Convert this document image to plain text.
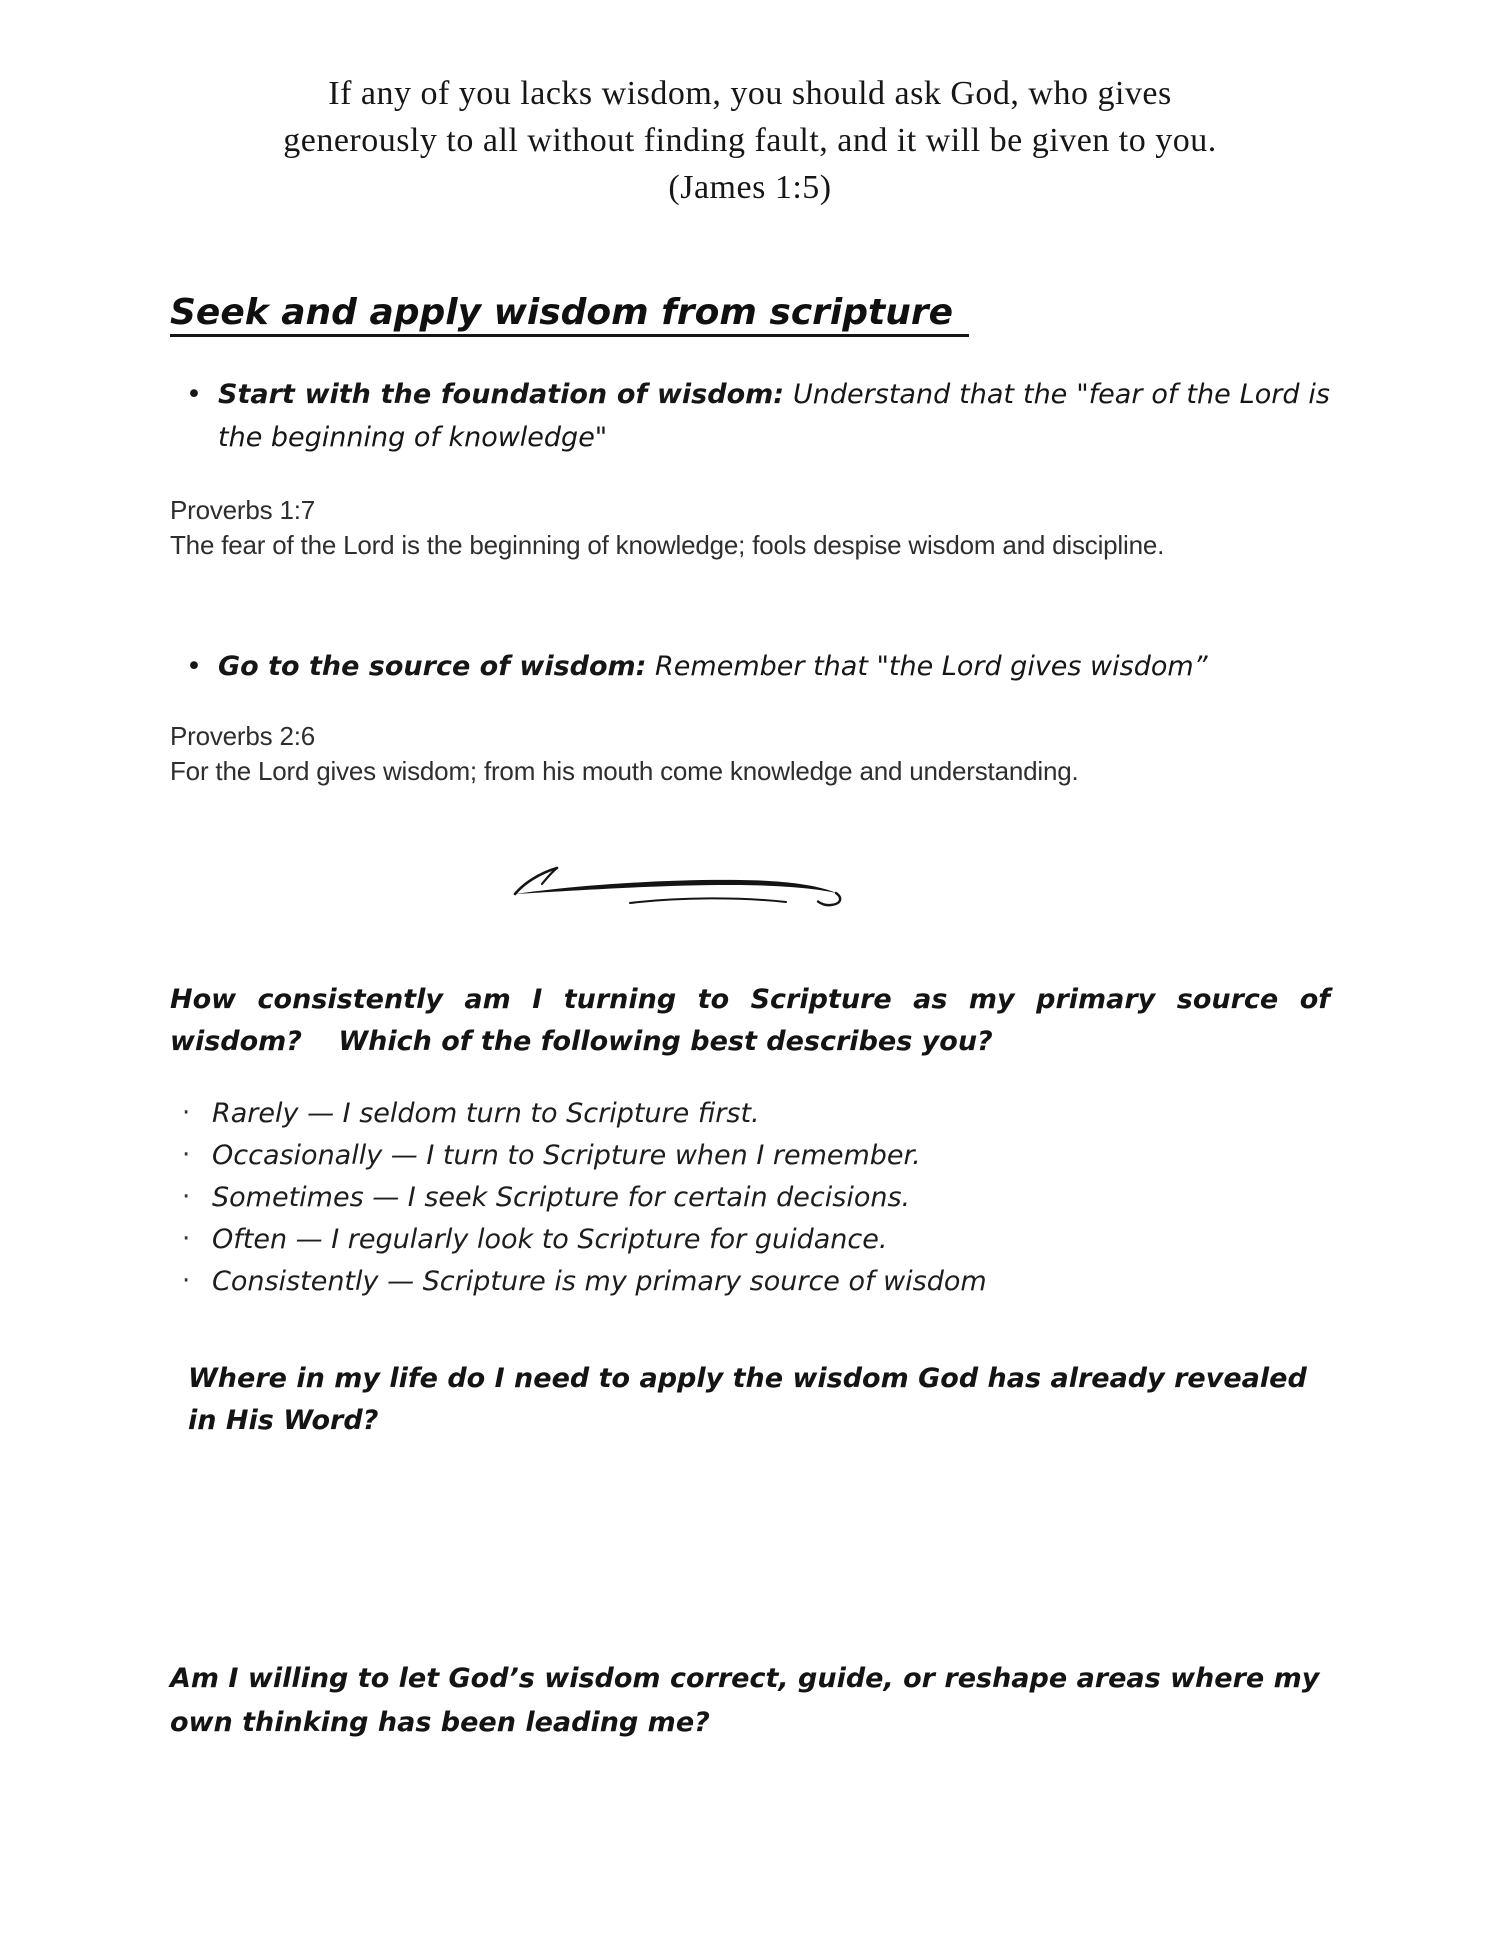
If any of you lacks wisdom, you should ask God, who gives
generously to all without finding fault, and it will be given to you.
(James 1:5)
Seek and apply wisdom from scripture
• Start with the foundation of wisdom: Understand that the "fear of the Lord is the beginning of knowledge"
Proverbs 1:7
The fear of the Lord is the beginning of knowledge; fools despise wisdom and discipline.
• Go to the source of wisdom: Remember that "the Lord gives wisdom”
Proverbs 2:6
For the Lord gives wisdom; from his mouth come knowledge and understanding.

How consistently am I turning to Scripture as my primary source of wisdom?  Which of the following best describes you?

· Rarely — I seldom turn to Scripture first.
· Occasionally — I turn to Scripture when I remember.
· Sometimes — I seek Scripture for certain decisions.
· Often — I regularly look to Scripture for guidance.
· Consistently — Scripture is my primary source of wisdom

Where in my life do I need to apply the wisdom God has already revealed in His Word?

Am I willing to let God’s wisdom correct, guide, or reshape areas where my own thinking has been leading me?
